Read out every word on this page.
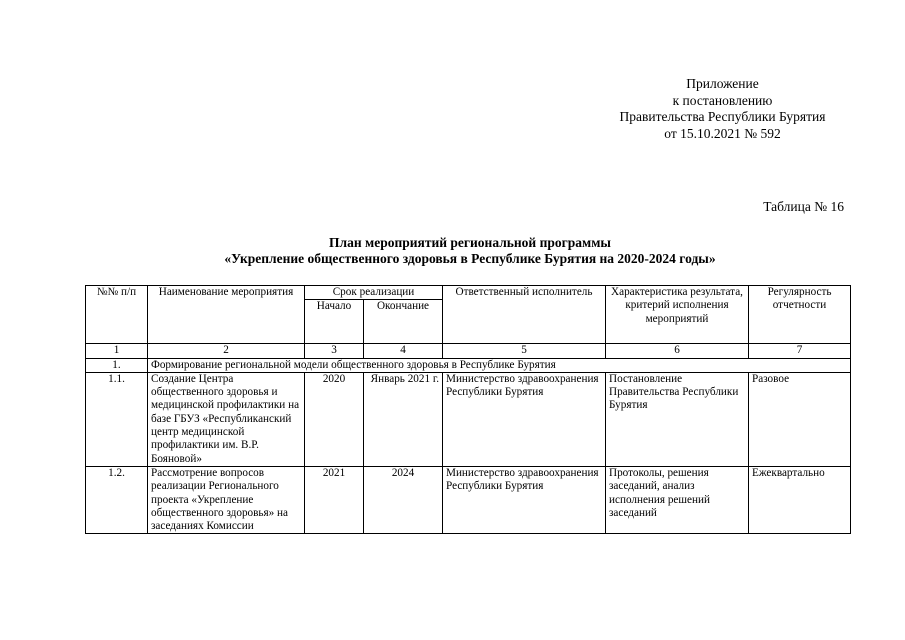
Приложение
к постановлению
Правительства Республики Бурятия
от 15.10.2021 № 592
Таблица № 16
План мероприятий региональной программы
«Укрепление общественного здоровья в Республике Бурятия на 2020-2024 годы»
№№ п/п	Наименование мероприятия	Срок реализации		Ответственный исполнитель	Характеристика результата, критерий исполнения мероприятий	Регулярность отчетности
		Начало	Окончание			
1	2	3	4	5	6	7
1.	Формирование региональной модели общественного здоровья в Республике Бурятия					
1.1.	Создание Центра общественного здоровья и медицинской профилактики на базе ГБУЗ «Республиканский центр медицинской профилактики им. В.Р. Бояновой»	2020	Январь 2021 г.	Министерство здравоохранения Республики Бурятия	Постановление Правительства Республики Бурятия	Разовое
1.2.	Рассмотрение вопросов реализации Регионального проекта «Укрепление общественного здоровья» на заседаниях Комиссии	2021	2024	Министерство здравоохранения Республики Бурятия	Протоколы, решения заседаний, анализ исполнения решений заседаний	Ежеквартально
